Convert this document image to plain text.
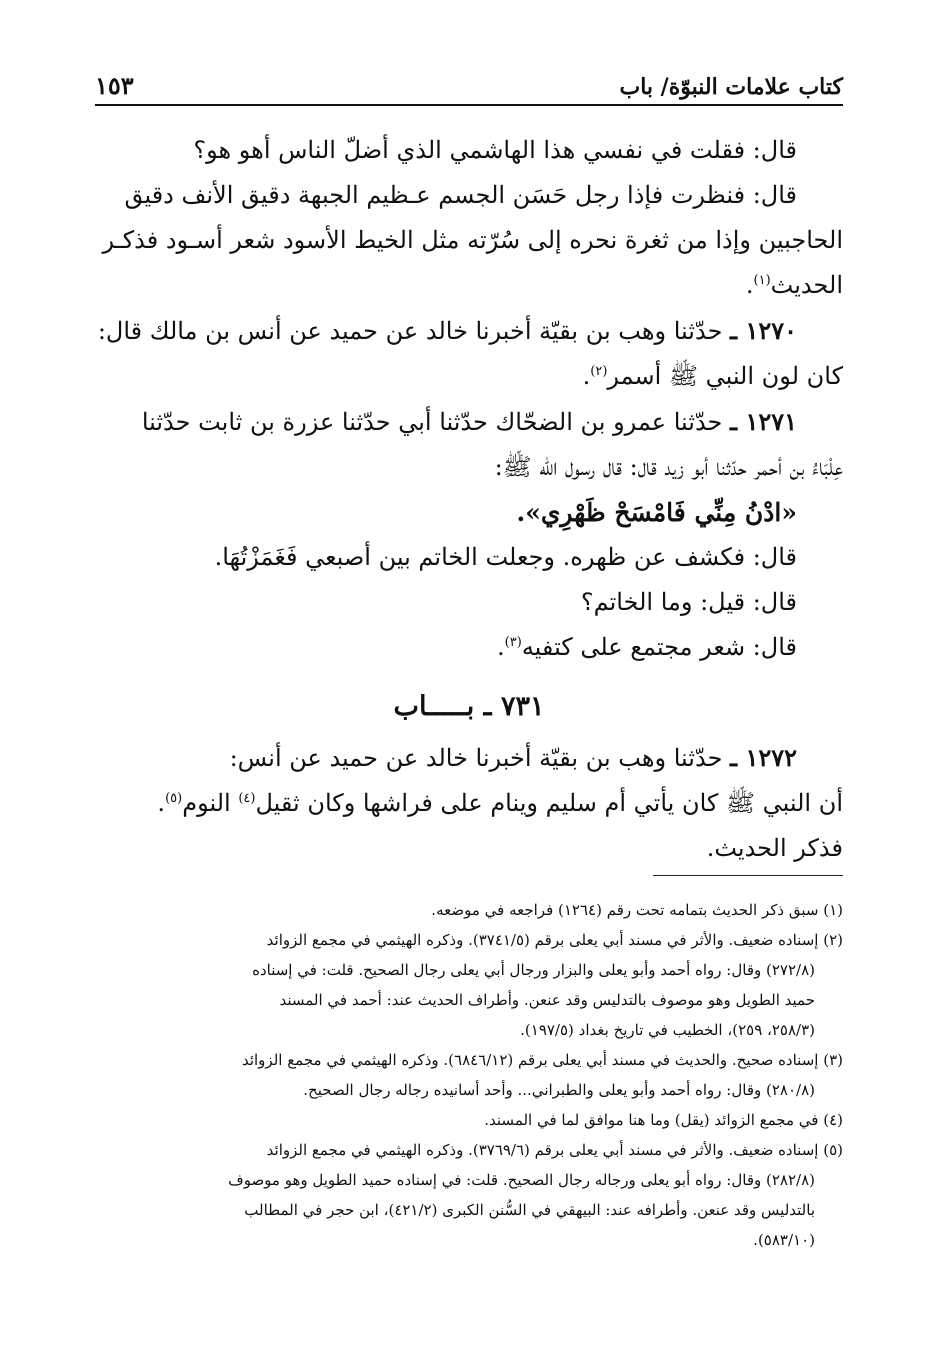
كتاب علامات النبوّة/ باب
١٥٣

قال: فقلت في نفسي هذا الهاشمي الذي أضلّ الناس أهو هو؟

قال: فنظرت فإذا رجل حَسَن الجسم عـظيم الجبهة دقيق الأنف دقيق

الحاجبين وإذا من ثغرة نحره إلى سُرّته مثل الخيط الأسود شعر أسـود فذكـر

الحديث$^{(١)}$.

١٢٧٠ ـ حدّثنا وهب بن بقيّة أخبرنا خالد عن حميد عن أنس بن مالك قال:

كان لون النبي ﷺ أسمر$^{(٢)}$.

١٢٧١ ـ حدّثنا عمرو بن الضحّاك حدّثنا أبي حدّثنا عزرة بن ثابت حدّثنا

عِلْبَاءُ بن أحمر حدّثنا أبو زيد قال: قال رسول الله ﷺ:

«ادْنُ مِنِّي فَامْسَحْ ظَهْرِي».

قال: فكشف عن ظهره. وجعلت الخاتم بين أصبعي فَغَمَزْتُهَا.

قال: قيل: وما الخاتم؟

قال: شعر مجتمع على كتفيه$^{(٣)}$.

٧٣١ ـ بـــــاب

١٢٧٢ ـ حدّثنا وهب بن بقيّة أخبرنا خالد عن حميد عن أنس:

أن النبي ﷺ كان يأتي أم سليم وينام على فراشها وكان ثقيل$^{(٤)}$ النوم$^{(٥)}$.

فذكر الحديث.

(١) سبق ذكر الحديث بتمامه تحت رقم (١٢٦٤) فراجعه في موضعه.
(٢) إسناده ضعيف. والأثر في مسند أبي يعلى برقم (٣٧٤١/٥). وذكره الهيثمي في مجمع الزوائد
(٢٧٢/٨) وقال: رواه أحمد وأبو يعلى والبزار ورجال أبي يعلى رجال الصحيح. قلت: في إسناده
حميد الطويل وهو موصوف بالتدليس وقد عنعن. وأطراف الحديث عند: أحمد في المسند
(٢٥٨/٣، ٢٥٩)، الخطيب في تاريخ بغداد (١٩٧/٥).
(٣) إسناده صحيح. والحديث في مسند أبي يعلى برقم (٦٨٤٦/١٢). وذكره الهيثمي في مجمع الزوائد
(٢٨٠/٨) وقال: رواه أحمد وأبو يعلى والطبراني... وأحد أسانيده رجاله رجال الصحيح.
(٤) في مجمع الزوائد (يقل) وما هنا موافق لما في المسند.
(٥) إسناده ضعيف. والأثر في مسند أبي يعلى برقم (٣٧٦٩/٦). وذكره الهيثمي في مجمع الزوائد
(٢٨٢/٨) وقال: رواه أبو يعلى ورجاله رجال الصحيح. قلت: في إسناده حميد الطويل وهو موصوف
بالتدليس وقد عنعن. وأطرافه عند: البيهقي في السُّنن الكبرى (٤٢١/٢)، ابن حجر في المطالب
(٥٨٣/١٠).
